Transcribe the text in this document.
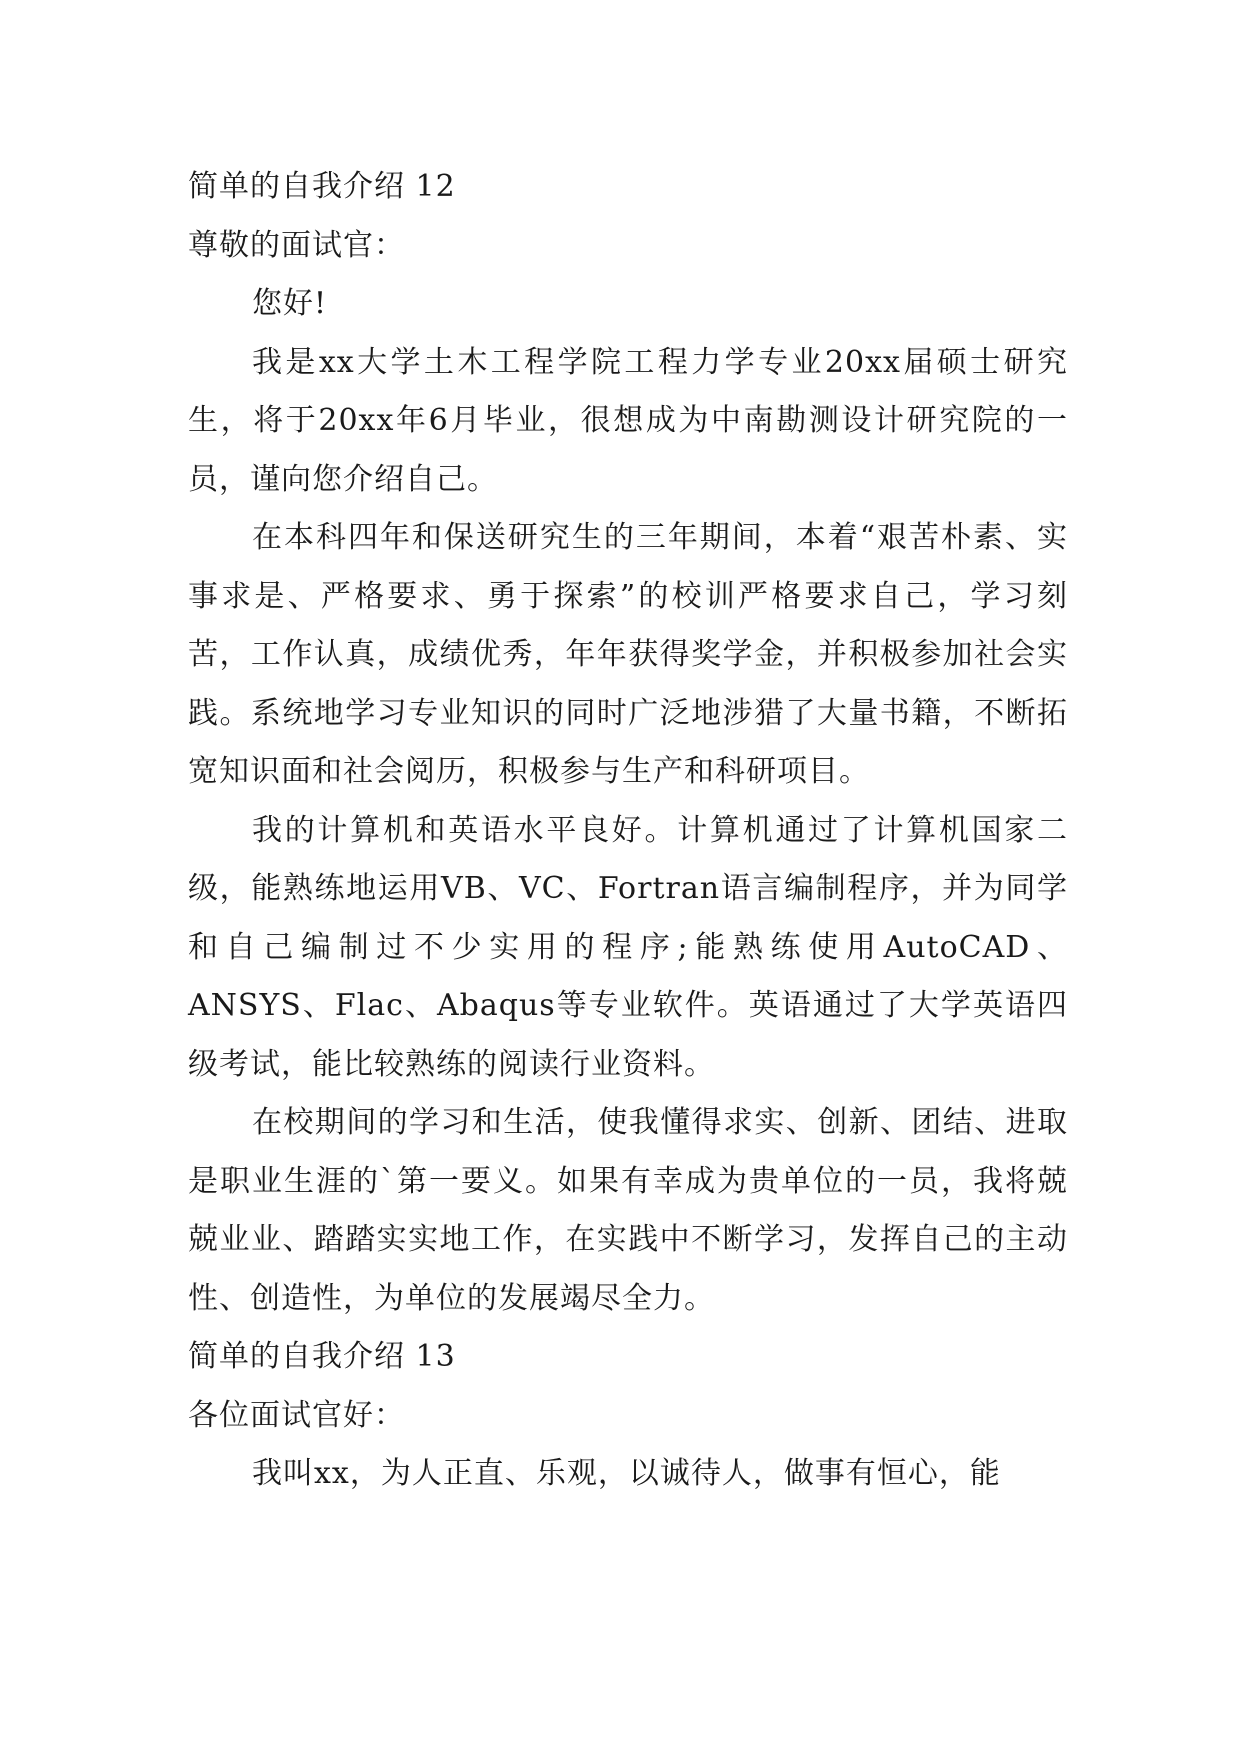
简单的自我介绍 12

尊敬的面试官：

您好!

我是xx大学土木工程学院工程力学专业20xx届硕士研究生，将于20xx年6月毕业，很想成为中南勘测设计研究院的一员，谨向您介绍自己。

在本科四年和保送研究生的三年期间，本着“艰苦朴素、实事求是、严格要求、勇于探索”的校训严格要求自己，学习刻苦，工作认真，成绩优秀，年年获得奖学金，并积极参加社会实践。系统地学习专业知识的同时广泛地涉猎了大量书籍，不断拓宽知识面和社会阅历，积极参与生产和科研项目。

我的计算机和英语水平良好。计算机通过了计算机国家二级，能熟练地运用VB、VC、Fortran语言编制程序，并为同学和自己编制过不少实用的程序;能熟练使用AutoCAD、ANSYS、Flac、Abaqus等专业软件。英语通过了大学英语四级考试，能比较熟练的阅读行业资料。

在校期间的学习和生活，使我懂得求实、创新、团结、进取是职业生涯的`第一要义。如果有幸成为贵单位的一员，我将兢兢业业、踏踏实实地工作，在实践中不断学习，发挥自己的主动性、创造性，为单位的发展竭尽全力。

简单的自我介绍 13

各位面试官好：

我叫xx，为人正直、乐观，以诚待人，做事有恒心，能
